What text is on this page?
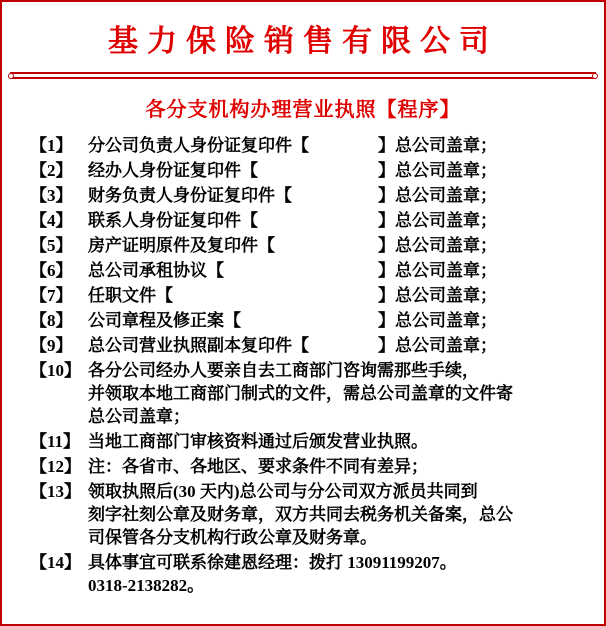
基力保险销售有限公司
各分支机构办理营业执照【程序】
【1】 分公司负责人身份证复印件【	】总公司盖章；
【2】 经办人身份证复印件【	】总公司盖章；
【3】 财务负责人身份证复印件【	】总公司盖章；
【4】 联系人身份证复印件【	】总公司盖章；
【5】 房产证明原件及复印件【	】总公司盖章；
【6】 总公司承租协议【	】总公司盖章；
【7】 任职文件【	】总公司盖章；
【8】 公司章程及修正案【	】总公司盖章；
【9】 总公司营业执照副本复印件【	】总公司盖章；
【10】 各分公司经办人要亲自去工商部门咨询需那些手续，
并领取本地工商部门制式的文件，需总公司盖章的文件寄
总公司盖章；
【11】 当地工商部门审核资料通过后颁发营业执照。
【12】 注：各省市、各地区、要求条件不同有差异；
【13】 领取执照后(30 天内)总公司与分公司双方派员共同到
刻字社刻公章及财务章，双方共同去税务机关备案，总公
司保管各分支机构行政公章及财务章。
【14】 具体事宜可联系徐建恩经理：拨打 13091199207。
0318-2138282。
